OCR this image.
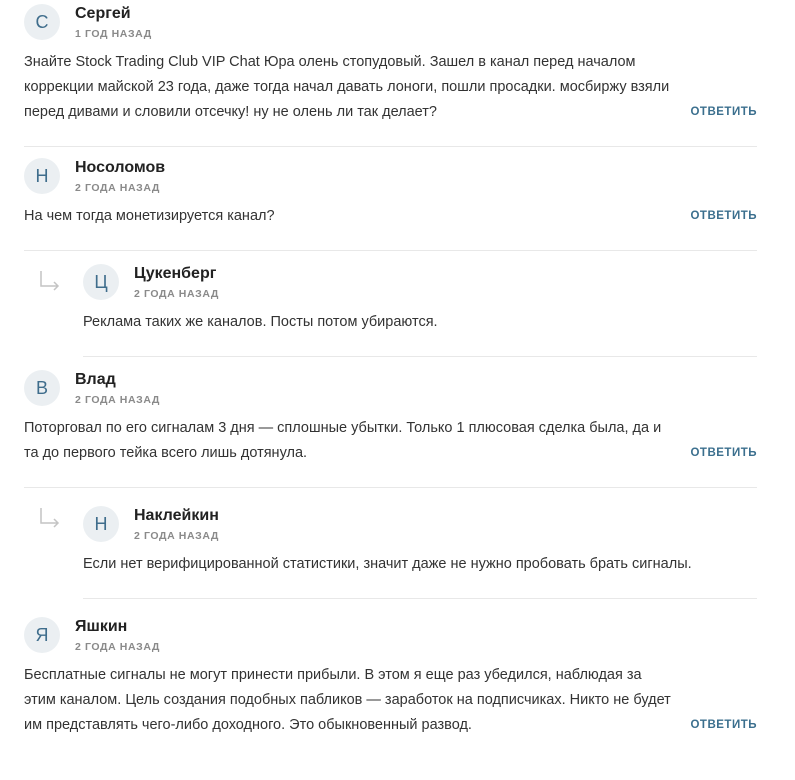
С	Сергей
1 ГОД НАЗАД
Знайте Stock Trading Club VIP Chat Юра олень стопудовый. Зашел в канал перед началом коррекции майской 23 года, даже тогда начал давать лоноги, пошли просадки. мосбиржу взяли перед дивами и словили отсечку! ну не олень ли так делает?	ОТВЕТИТЬ
Н	Носоломов
2 ГОДА НАЗАД
На чем тогда монетизируется канал?	ОТВЕТИТЬ
Ц	Цукенберг
2 ГОДА НАЗАД
Реклама таких же каналов. Посты потом убираются.
В	Влад
2 ГОДА НАЗАД
Поторговал по его сигналам 3 дня — сплошные убытки. Только 1 плюсовая сделка была, да и та до первого тейка всего лишь дотянула.	ОТВЕТИТЬ
Н	Наклейкин
2 ГОДА НАЗАД
Если нет верифицированной статистики, значит даже не нужно пробовать брать сигналы.
Я	Яшкин
2 ГОДА НАЗАД
Бесплатные сигналы не могут принести прибыли. В этом я еще раз убедился, наблюдая за этим каналом. Цель создания подобных пабликов — заработок на подписчиках. Никто не будет им представлять чего-либо доходного. Это обыкновенный развод.	ОТВЕТИТЬ
